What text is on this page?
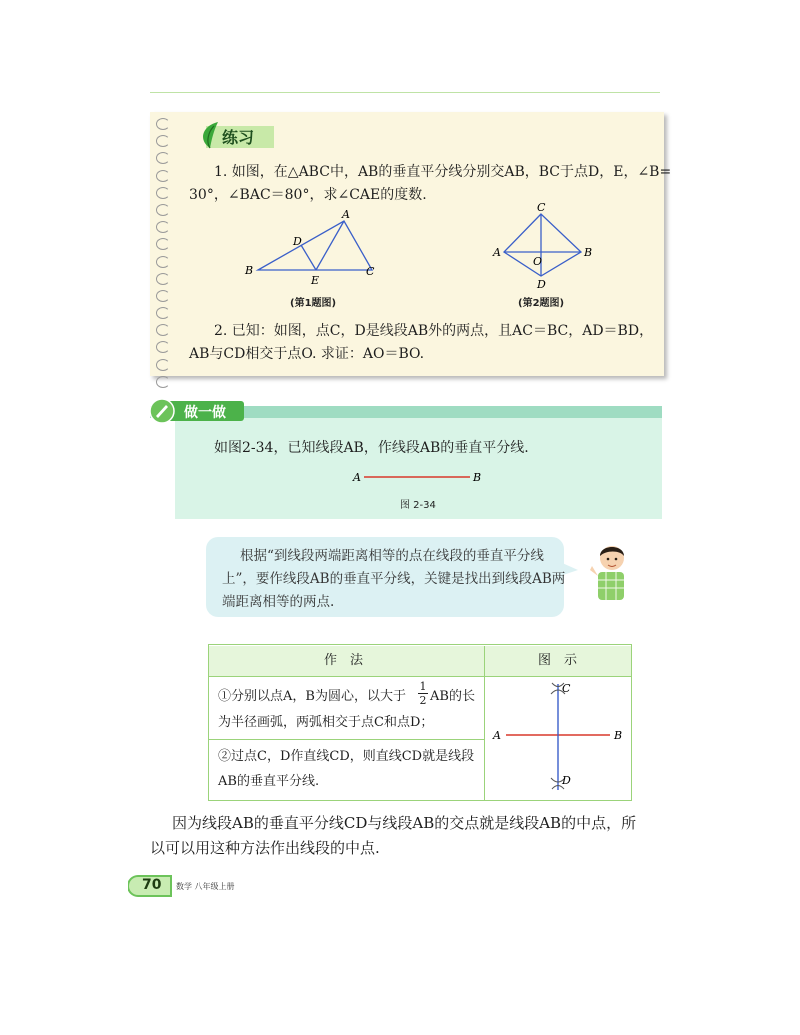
练习
1. 如图，在△ABC中，AB的垂直平分线分别交AB，BC于点D，E，∠B=
30°，∠BAC＝80°，求∠CAE的度数.
A
B	C
D
E
(第1题图)
C
A	B
O
D
(第2题图)
2. 已知：如图，点C，D是线段AB外的两点，且AC＝BC，AD＝BD，
AB与CD相交于点O. 求证：AO＝BO.
做一做
如图2-34，已知线段AB，作线段AB的垂直平分线.
A	B
图 2-34
根据“到线段两端距离相等的点在线段的垂直平分线
上”，要作线段AB的垂直平分线，关键是找出到线段AB两
端距离相等的两点.
作　法	图　示
①分别以点A，B为圆心，以大于 $\frac{1}{2}$ AB的长
为半径画弧，两弧相交于点C和点D；
②过点C，D作直线CD，则直线CD就是线段
AB的垂直平分线.
C
A	B
D
因为线段AB的垂直平分线CD与线段AB的交点就是线段AB的中点，所
以可以用这种方法作出线段的中点.
70 数学 八年级上册
